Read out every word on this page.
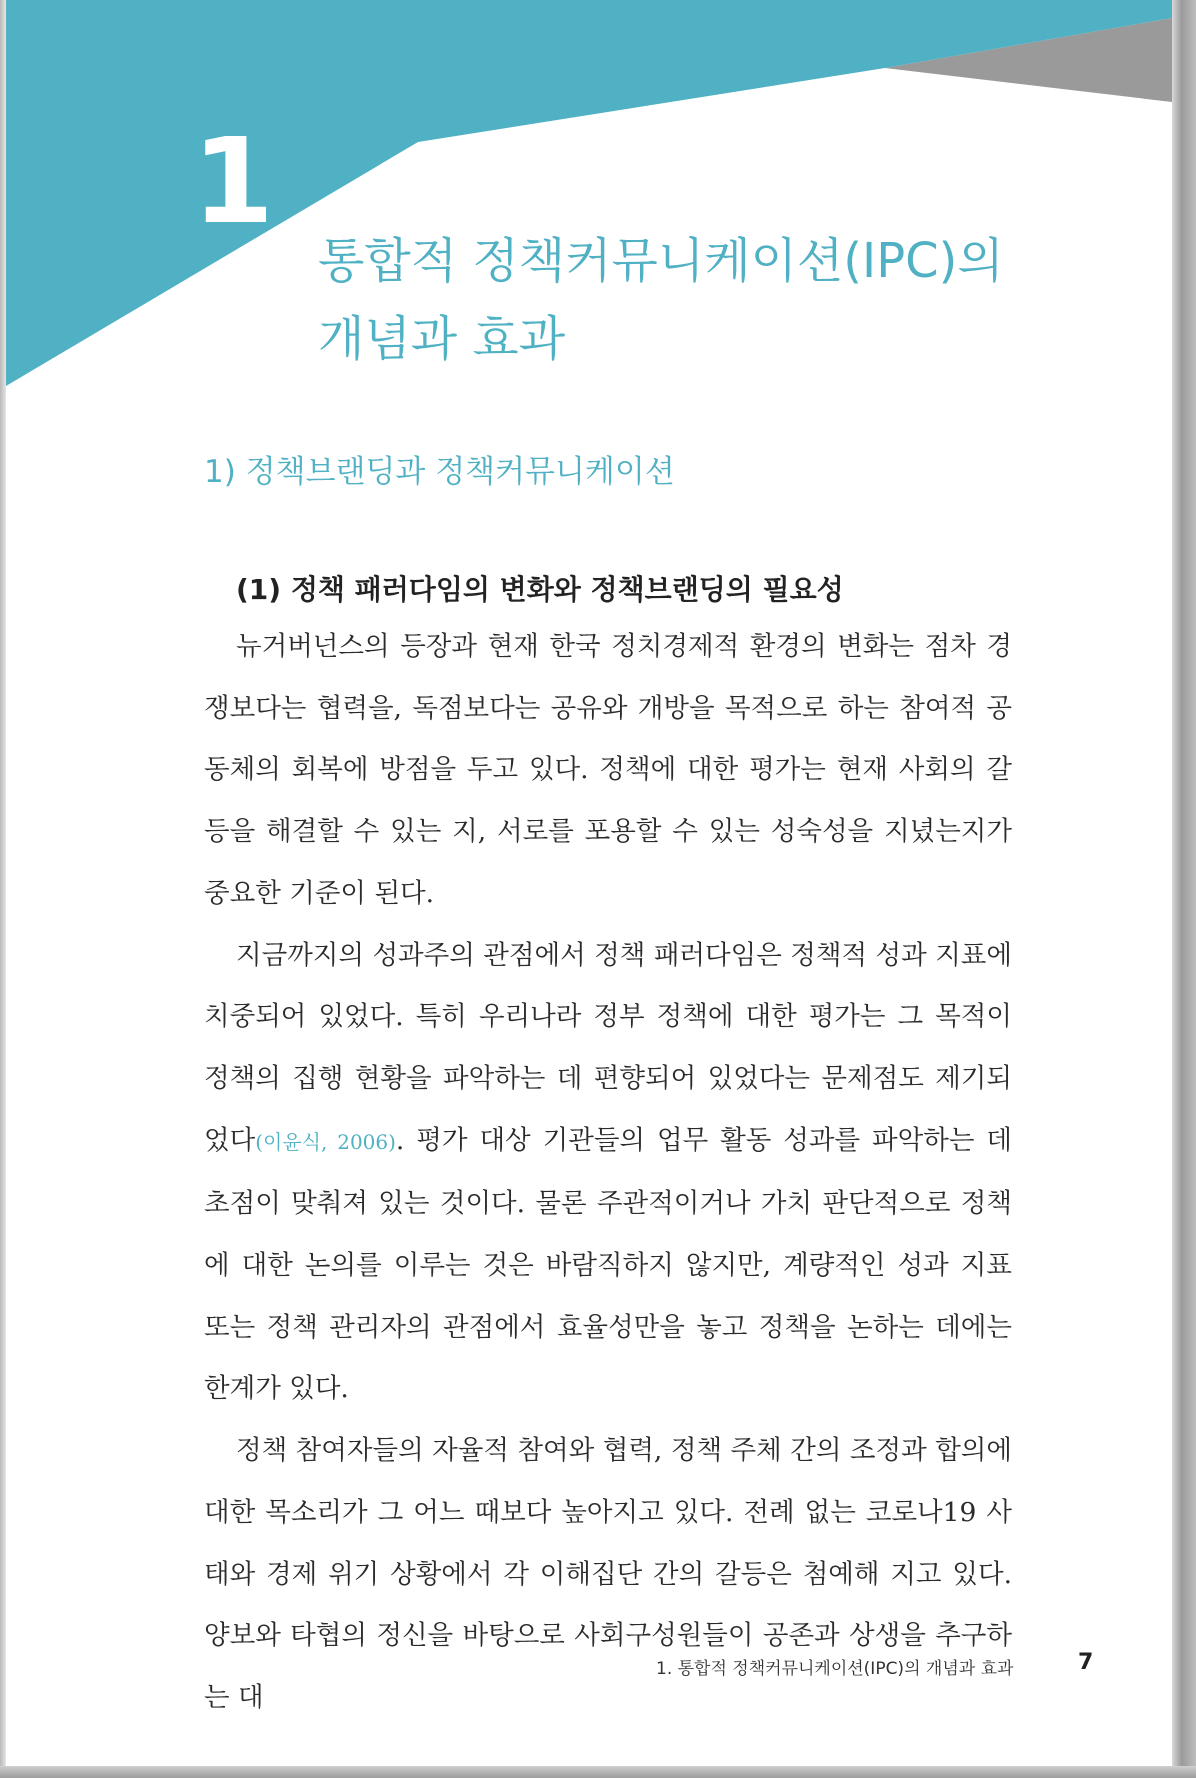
1
통합적 정책커뮤니케이션(IPC)의
개념과 효과
1) 정책브랜딩과 정책커뮤니케이션
(1) 정책 패러다임의 변화와 정책브랜딩의 필요성

뉴거버넌스의 등장과 현재 한국 정치경제적 환경의 변화는 점차 경쟁보다는 협력을, 독점보다는 공유와 개방을 목적으로 하는 참여적 공동체의 회복에 방점을 두고 있다. 정책에 대한 평가는 현재 사회의 갈등을 해결할 수 있는 지, 서로를 포용할 수 있는 성숙성을 지녔는지가 중요한 기준이 된다.

지금까지의 성과주의 관점에서 정책 패러다임은 정책적 성과 지표에 치중되어 있었다. 특히 우리나라 정부 정책에 대한 평가는 그 목적이 정책의 집행 현황을 파악하는 데 편향되어 있었다는 문제점도 제기되었다(이윤식, 2006). 평가 대상 기관들의 업무 활동 성과를 파악하는 데 초점이 맞춰져 있는 것이다. 물론 주관적이거나 가치 판단적으로 정책에 대한 논의를 이루는 것은 바람직하지 않지만, 계량적인 성과 지표 또는 정책 관리자의 관점에서 효율성만을 놓고 정책을 논하는 데에는 한계가 있다.

정책 참여자들의 자율적 참여와 협력, 정책 주체 간의 조정과 합의에 대한 목소리가 그 어느 때보다 높아지고 있다. 전례 없는 코로나19 사태와 경제 위기 상황에서 각 이해집단 간의 갈등은 첨예해 지고 있다. 양보와 타협의 정신을 바탕으로 사회구성원들이 공존과 상생을 추구하는 대

1. 통합적 정책커뮤니케이션(IPC)의 개념과 효과	7
